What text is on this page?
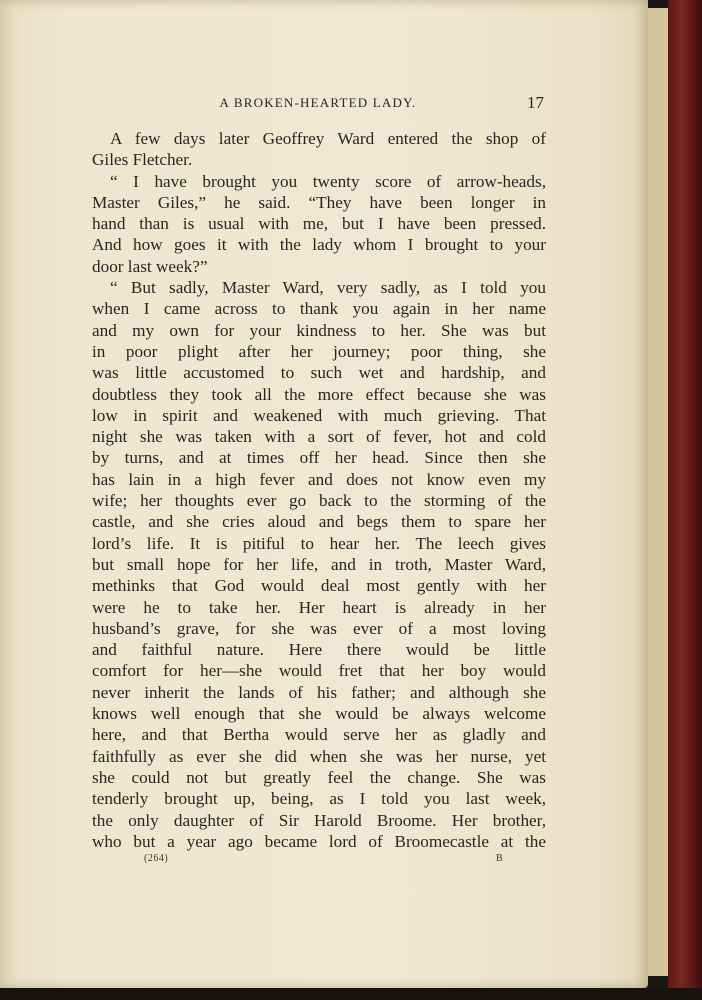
A BROKEN-HEARTED LADY.	17
A few days later Geoffrey Ward entered the shop of
Giles Fletcher.
“ I have brought you twenty score of arrow-heads,
Master Giles,” he said. “They have been longer in
hand than is usual with me, but I have been pressed.
And how goes it with the lady whom I brought to your
door last week?”
“ But sadly, Master Ward, very sadly, as I told you
when I came across to thank you again in her name
and my own for your kindness to her. She was but
in poor plight after her journey; poor thing, she
was little accustomed to such wet and hardship, and
doubtless they took all the more effect because she was
low in spirit and weakened with much grieving. That
night she was taken with a sort of fever, hot and cold
by turns, and at times off her head. Since then she
has lain in a high fever and does not know even my
wife; her thoughts ever go back to the storming of the
castle, and she cries aloud and begs them to spare her
lord’s life. It is pitiful to hear her. The leech gives
but small hope for her life, and in troth, Master Ward,
methinks that God would deal most gently with her
were he to take her. Her heart is already in her
husband’s grave, for she was ever of a most loving
and faithful nature. Here there would be little
comfort for her—she would fret that her boy would
never inherit the lands of his father; and although she
knows well enough that she would be always welcome
here, and that Bertha would serve her as gladly and
faithfully as ever she did when she was her nurse, yet
she could not but greatly feel the change. She was
tenderly brought up, being, as I told you last week,
the only daughter of Sir Harold Broome. Her brother,
who but a year ago became lord of Broomecastle at the
(264)	B
